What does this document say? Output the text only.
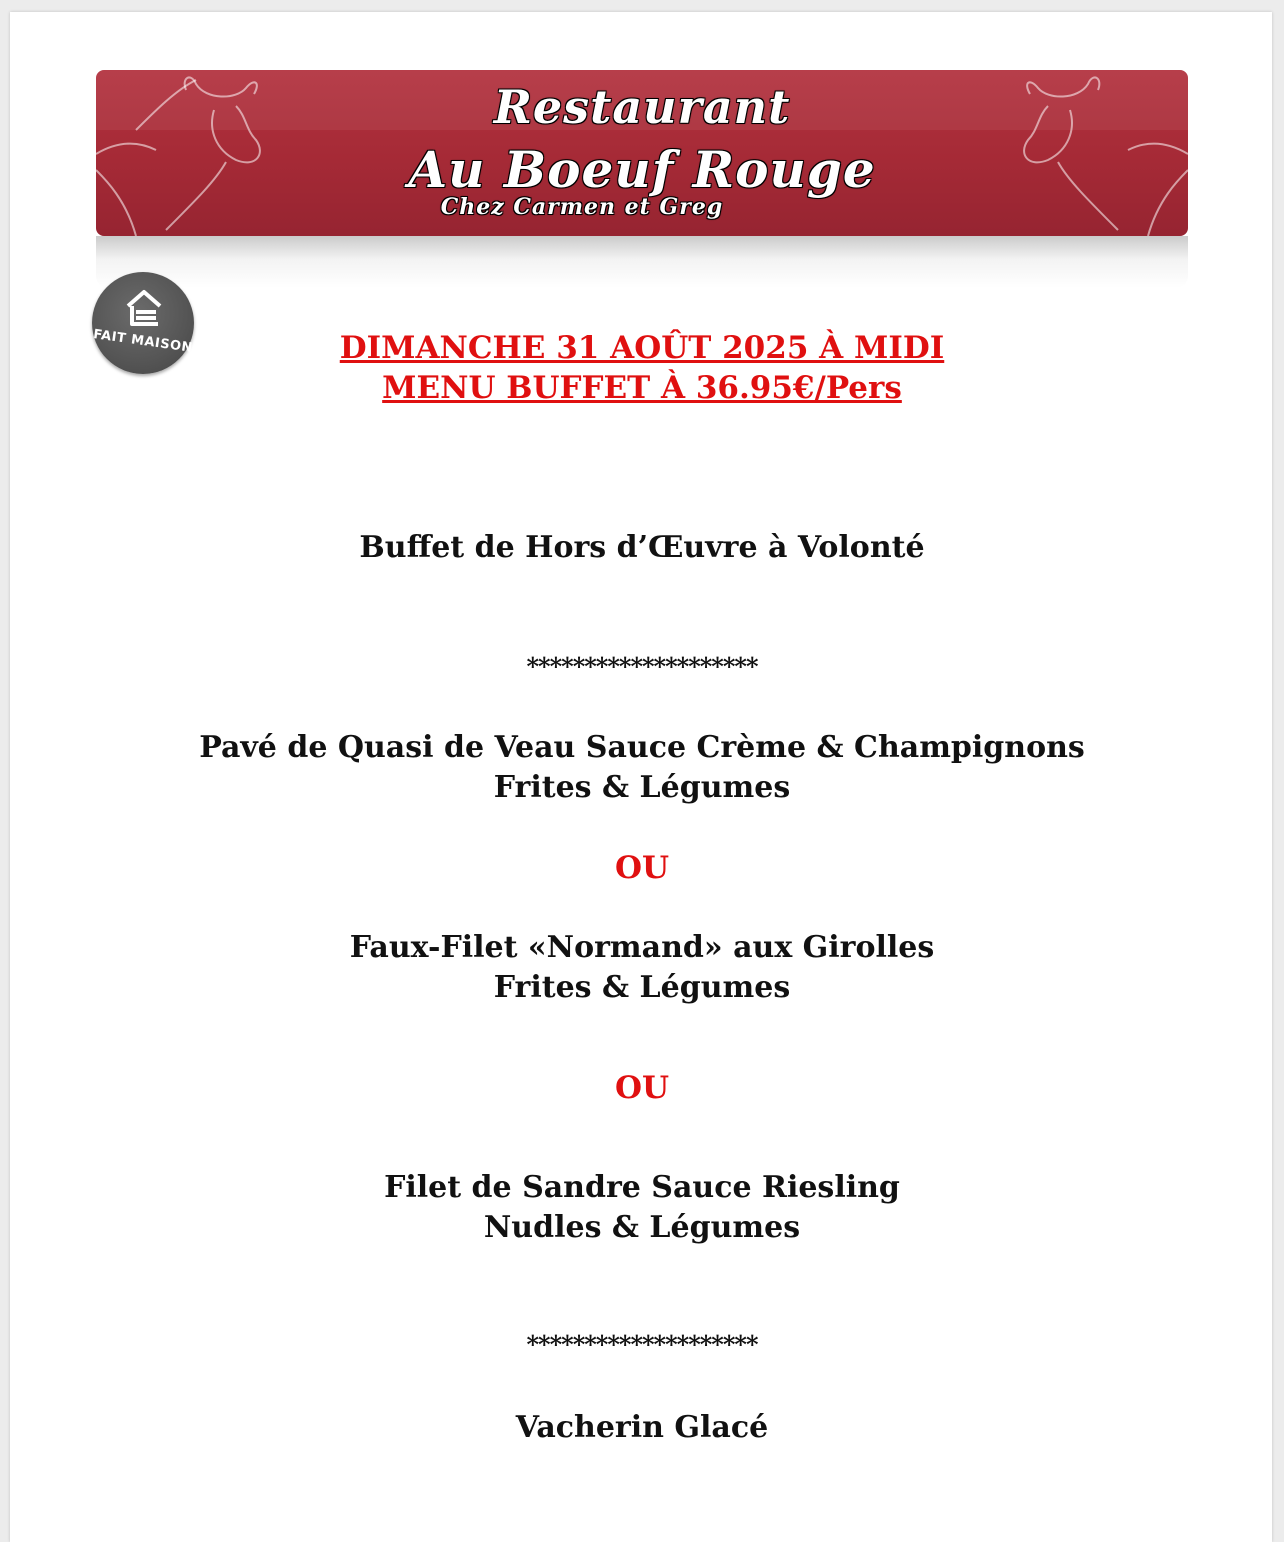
Restaurant
Au Boeuf Rouge
Chez Carmen et Greg
FAIT MAISON	DIMANCHE 31 AOÛT 2025 À MIDI
MENU BUFFET À 36.95€/Pers
Buffet de Hors d’Œuvre à Volonté
********************
Pavé de Quasi de Veau Sauce Crème & Champignons
Frites & Légumes
OU
Faux-Filet «Normand» aux Girolles
Frites & Légumes
OU
Filet de Sandre Sauce Riesling
Nudles & Légumes
********************
Vacherin Glacé
